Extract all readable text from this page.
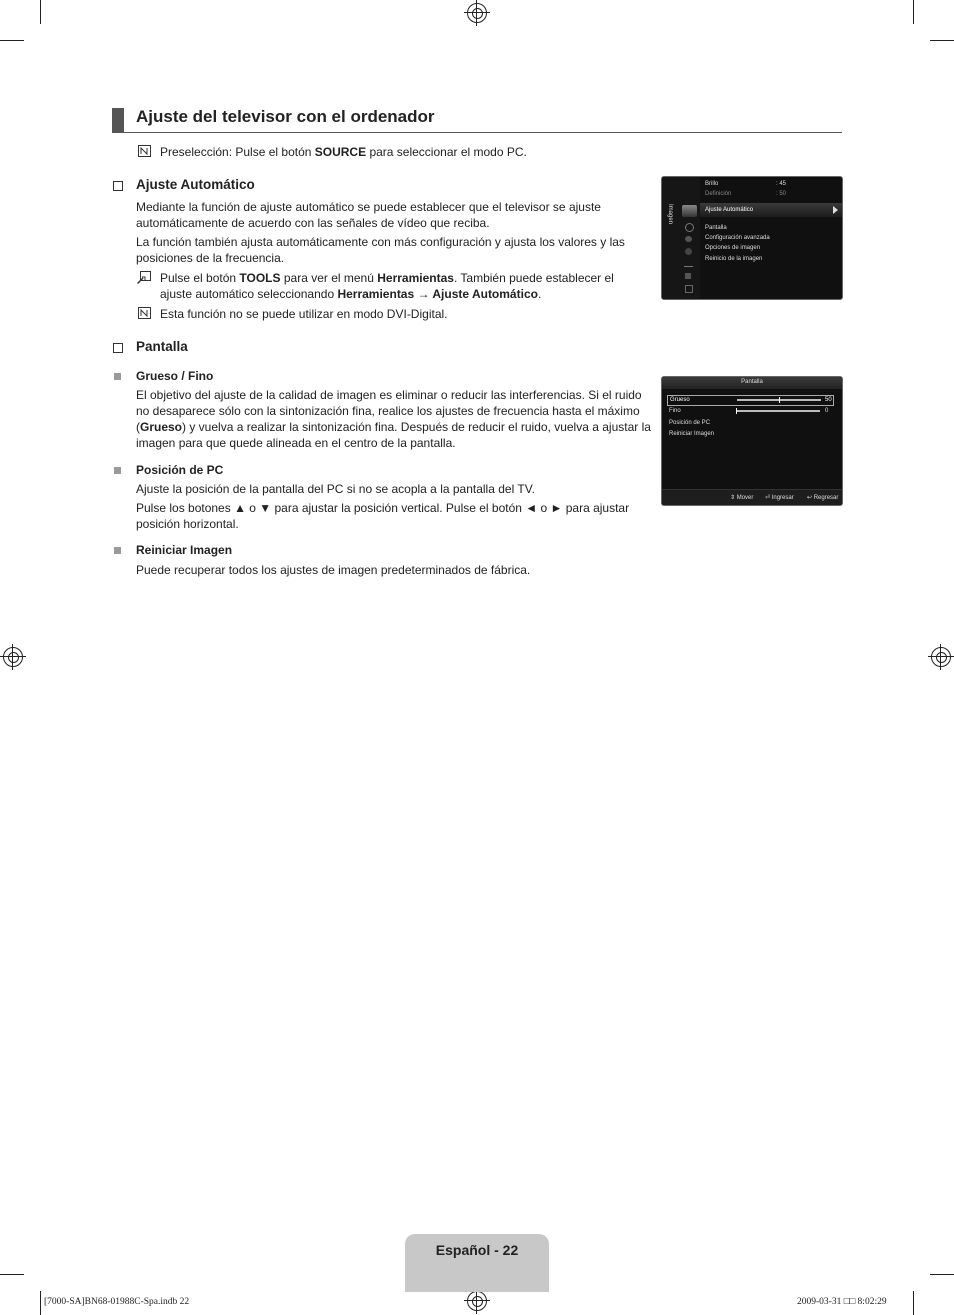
Ajuste del televisor con el ordenador
Preselección: Pulse el botón SOURCE para seleccionar el modo PC.
Ajuste Automático
Mediante la función de ajuste automático se puede establecer que el televisor se ajuste automáticamente de acuerdo con las señales de vídeo que reciba.
La función también ajusta automáticamente con más configuración y ajusta los valores y las posiciones de la frecuencia.
Pulse el botón TOOLS para ver el menú Herramientas. También puede establecer el ajuste automático seleccionando Herramientas → Ajuste Automático.
Esta función no se puede utilizar en modo DVI-Digital.
Imagen
Brillo	: 45
Definición	: 50
Ajuste Automático
Pantalla
Configuración avanzada
Opciones de imagen
Reinicio de la imagen
Pantalla
Grueso / Fino
El objetivo del ajuste de la calidad de imagen es eliminar o reducir las interferencias. Si el ruido no desaparece sólo con la sintonización fina, realice los ajustes de frecuencia hasta el máximo (Grueso) y vuelva a realizar la sintonización fina. Después de reducir el ruido, vuelva a ajustar la imagen para que quede alineada en el centro de la pantalla.
Posición de PC
Ajuste la posición de la pantalla del PC si no se acopla a la pantalla del TV.
Pulse los botones ▲ o ▼ para ajustar la posición vertical. Pulse el botón ◄ o ► para ajustar posición horizontal.
Reiniciar Imagen
Puede recuperar todos los ajustes de imagen predeterminados de fábrica.
Pantalla
Grueso	50
Fino	0
Posición de PC
Reiniciar Imagen
⇕ Mover ⏎ Ingresar ↩ Regresar
Español - 22
[7000-SA]BN68-01988C-Spa.indb 22	2009-03-31 □□ 8:02:29
